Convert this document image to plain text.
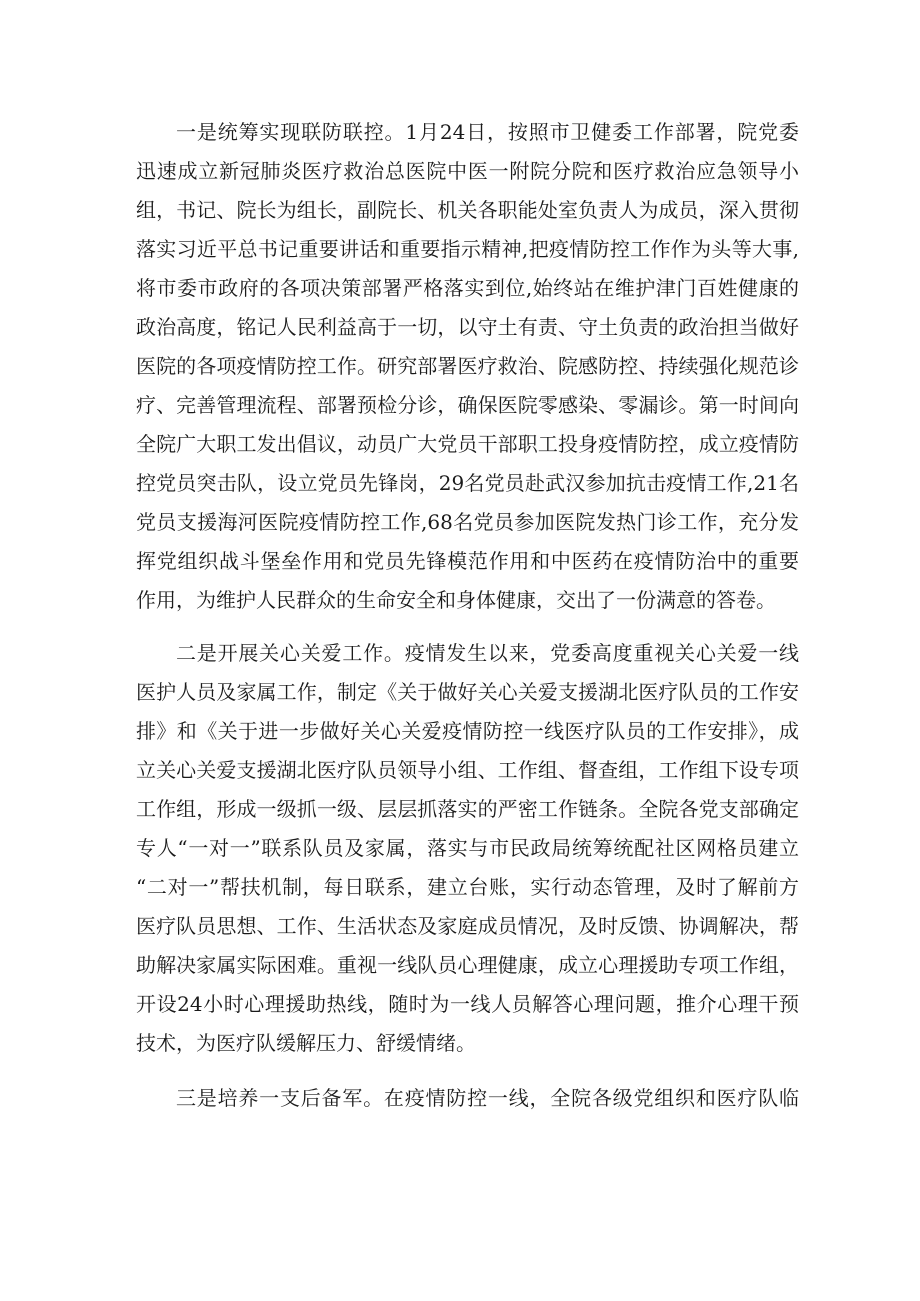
一是统筹实现联防联控。1月24日，按照市卫健委工作部署，院党委

迅速成立新冠肺炎医疗救治总医院中医一附院分院和医疗救治应急领导小

组，书记、院长为组长，副院长、机关各职能处室负责人为成员，深入贯彻

落实习近平总书记重要讲话和重要指示精神,把疫情防控工作作为头等大事,

将市委市政府的各项决策部署严格落实到位,始终站在维护津门百姓健康的

政治高度，铭记人民利益高于一切，以守土有责、守土负责的政治担当做好

医院的各项疫情防控工作。研究部署医疗救治、院感防控、持续强化规范诊

疗、完善管理流程、部署预检分诊，确保医院零感染、零漏诊。第一时间向

全院广大职工发出倡议，动员广大党员干部职工投身疫情防控，成立疫情防

控党员突击队，设立党员先锋岗，29名党员赴武汉参加抗击疫情工作,21名

党员支援海河医院疫情防控工作,68名党员参加医院发热门诊工作，充分发

挥党组织战斗堡垒作用和党员先锋模范作用和中医药在疫情防治中的重要

作用，为维护人民群众的生命安全和身体健康，交出了一份满意的答卷。

二是开展关心关爱工作。疫情发生以来，党委高度重视关心关爱一线

医护人员及家属工作，制定《关于做好关心关爱支援湖北医疗队员的工作安

排》和《关于进一步做好关心关爱疫情防控一线医疗队员的工作安排》，成

立关心关爱支援湖北医疗队员领导小组、工作组、督查组，工作组下设专项

工作组，形成一级抓一级、层层抓落实的严密工作链条。全院各党支部确定

专人“一对一”联系队员及家属，落实与市民政局统筹统配社区网格员建立

“二对一”帮扶机制，每日联系，建立台账，实行动态管理，及时了解前方

医疗队员思想、工作、生活状态及家庭成员情况，及时反馈、协调解决，帮

助解决家属实际困难。重视一线队员心理健康，成立心理援助专项工作组，

开设24小时心理援助热线，随时为一线人员解答心理问题，推介心理干预

技术，为医疗队缓解压力、舒缓情绪。

三是培养一支后备军。在疫情防控一线，全院各级党组织和医疗队临
